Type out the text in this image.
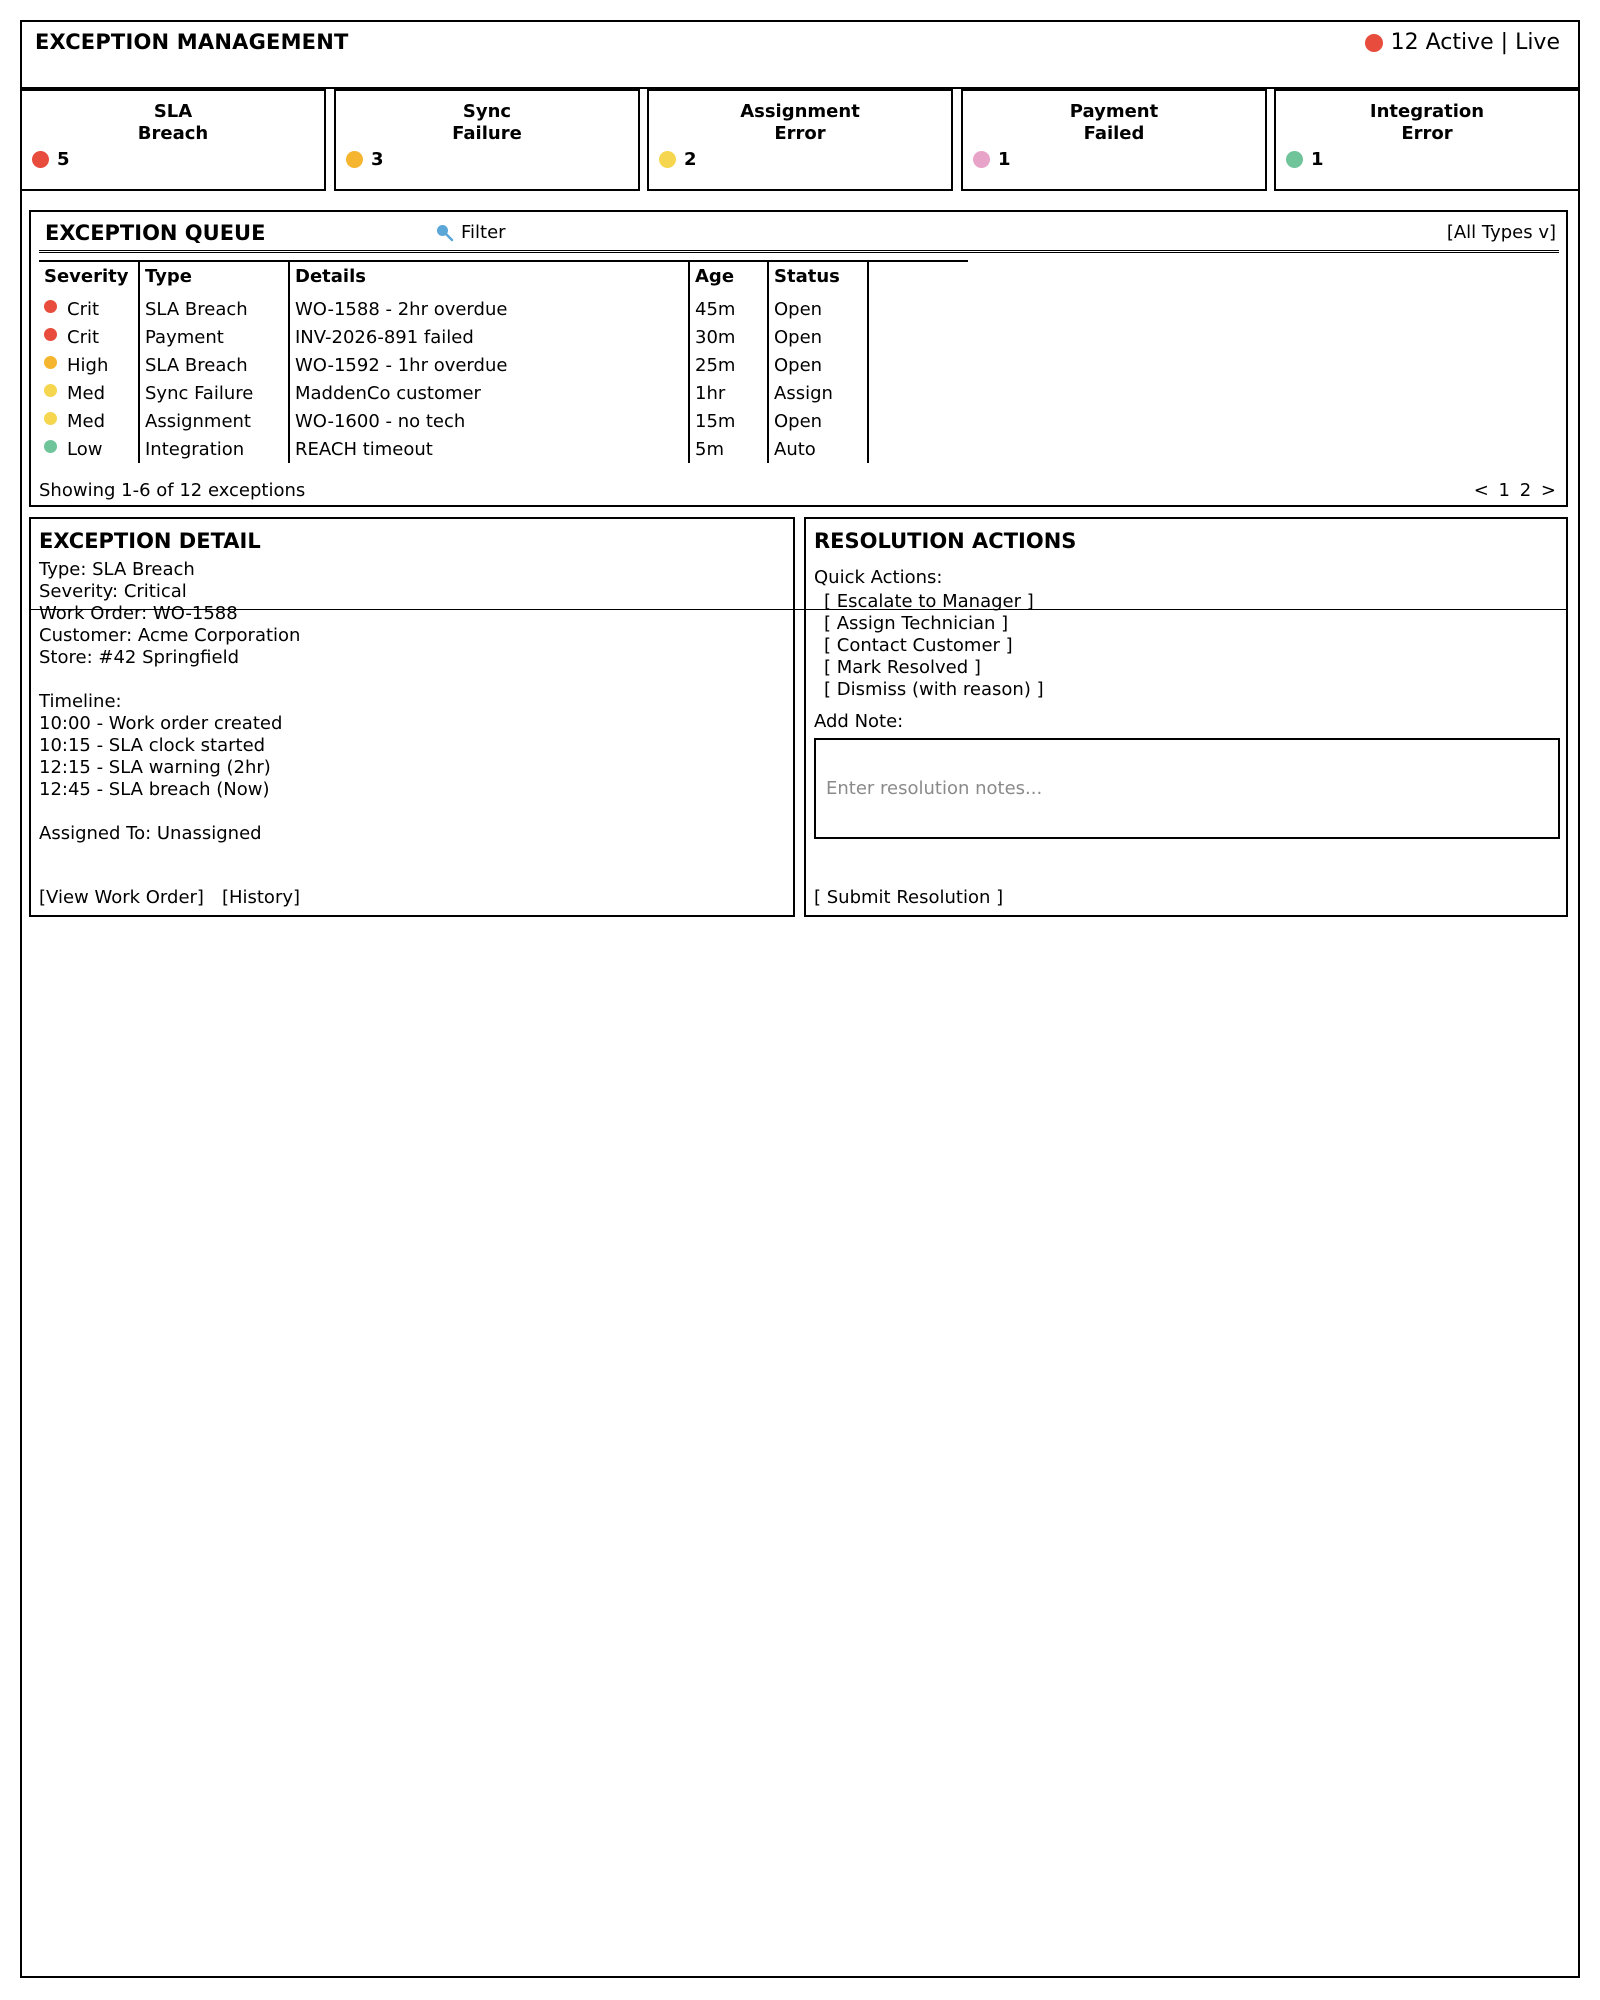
EXCEPTION MANAGEMENT	12 Active | Live
SLA
Breach
5
Sync
Failure
3
Assignment
Error
2
Payment
Failed
1
Integration
Error
1
EXCEPTION QUEUE	Filter	[All Types v]
Severity	Type	Details	Age	Status	

Crit	SLA Breach	WO-1588 - 2hr overdue	45m	Open	

Crit	Payment	INV-2026-891 failed	30m	Open	

High	SLA Breach	WO-1592 - 1hr overdue	25m	Open	

Med	Sync Failure	MaddenCo customer	1hr	Assign	

Med	Assignment	WO-1600 - no tech	15m	Open	

Low	Integration	REACH timeout	5m	Auto	
Showing 1-6 of 12 exceptions	< 1 2 >
EXCEPTION DETAIL
Type: SLA Breach
Severity: Critical
Work Order: WO-1588
Customer: Acme Corporation
Store: #42 Springfield
Timeline:
10:00 - Work order created
10:15 - SLA clock started
12:15 - SLA warning (2hr)
12:45 - SLA breach (Now)
Assigned To: Unassigned
[View Work Order] [History]
RESOLUTION ACTIONS
Quick Actions:
[ Escalate to Manager ]
[ Assign Technician ]
[ Contact Customer ]
[ Mark Resolved ]
[ Dismiss (with reason) ]
Add Note:
Enter resolution notes...
[ Submit Resolution ]
